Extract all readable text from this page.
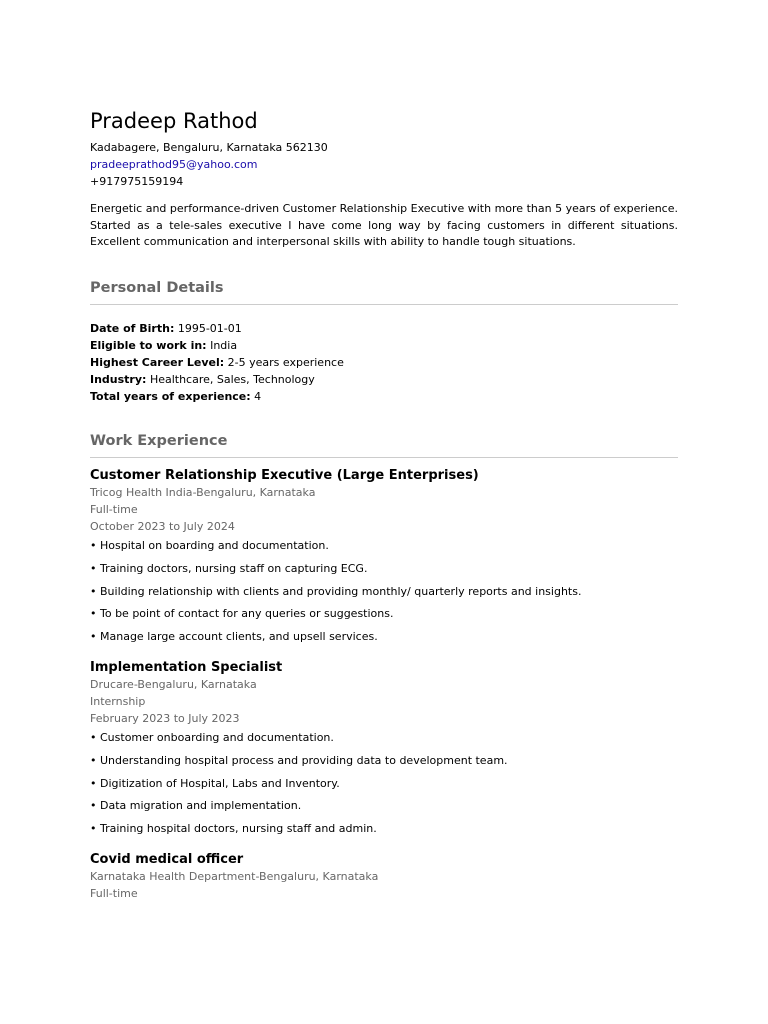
Pradeep Rathod
Kadabagere, Bengaluru, Karnataka 562130
pradeeprathod95@yahoo.com
+917975159194

Energetic and performance-driven Customer Relationship Executive with more than 5 years of experience. Started as a tele-sales executive I have come long way by facing customers in different situations. Excellent communication and interpersonal skills with ability to handle tough situations.

Personal Details
Date of Birth: 1995-01-01
Eligible to work in: India
Highest Career Level: 2-5 years experience
Industry: Healthcare, Sales, Technology
Total years of experience: 4
Work Experience
Customer Relationship Executive (Large Enterprises)
Tricog Health India-Bengaluru, Karnataka
Full-time
October 2023 to July 2024
• Hospital on boarding and documentation.
• Training doctors, nursing staff on capturing ECG.
• Building relationship with clients and providing monthly/ quarterly reports and insights.
• To be point of contact for any queries or suggestions.
• Manage large account clients, and upsell services.
Implementation Specialist
Drucare-Bengaluru, Karnataka
Internship
February 2023 to July 2023
• Customer onboarding and documentation.
• Understanding hospital process and providing data to development team.
• Digitization of Hospital, Labs and Inventory.
• Data migration and implementation.
• Training hospital doctors, nursing staff and admin.
Covid medical officer
Karnataka Health Department-Bengaluru, Karnataka
Full-time
